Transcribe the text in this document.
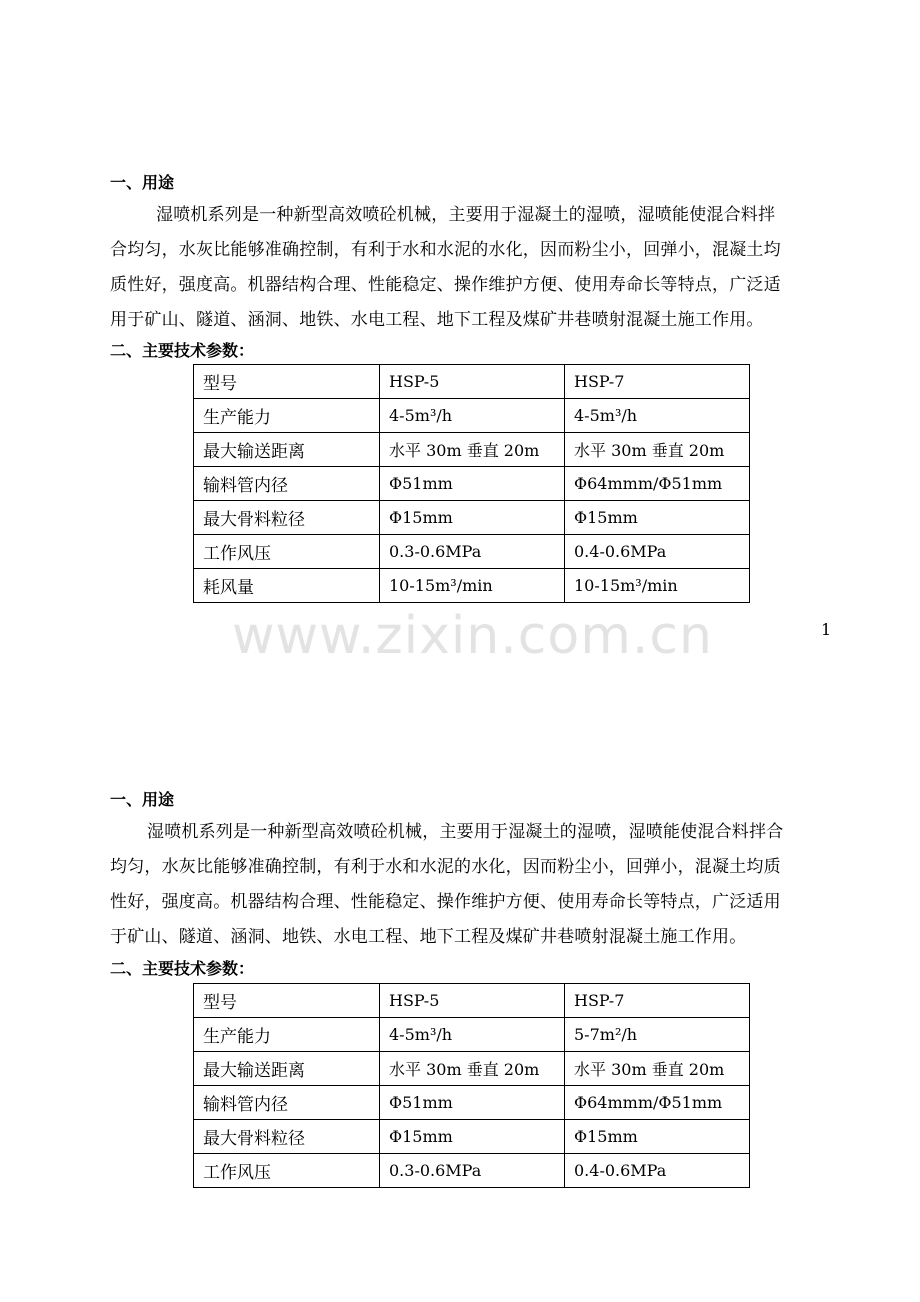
一、用途
湿喷机系列是一种新型高效喷砼机械，主要用于湿凝土的湿喷，湿喷能使混合料拌
合均匀，水灰比能够准确控制，有利于水和水泥的水化，因而粉尘小，回弹小，混凝土均
质性好，强度高。机器结构合理、性能稳定、操作维护方便、使用寿命长等特点，广泛适
用于矿山、隧道、涵洞、地铁、水电工程、地下工程及煤矿井巷喷射混凝土施工作用。
二、主要技术参数：
型号	HSP-5	HSP-7
生产能力	4-5m³/h	4-5m³/h
最大输送距离	水平 30m 垂直 20m	水平 30m 垂直 20m
输料管内径	Φ51mm	Φ64mmm/Φ51mm
最大骨料粒径	Φ15mm	Φ15mm
工作风压	0.3-0.6MPa	0.4-0.6MPa
耗风量	10-15m³/min	10-15m³/min
1
www.zixin.com.cn
一、用途
湿喷机系列是一种新型高效喷砼机械，主要用于湿凝土的湿喷，湿喷能使混合料拌合
均匀，水灰比能够准确控制，有利于水和水泥的水化，因而粉尘小，回弹小，混凝土均质
性好，强度高。机器结构合理、性能稳定、操作维护方便、使用寿命长等特点，广泛适用
于矿山、隧道、涵洞、地铁、水电工程、地下工程及煤矿井巷喷射混凝土施工作用。
二、主要技术参数：
型号	HSP-5	HSP-7
生产能力	4-5m³/h	5-7m²/h
最大输送距离	水平 30m 垂直 20m	水平 30m 垂直 20m
输料管内径	Φ51mm	Φ64mmm/Φ51mm
最大骨料粒径	Φ15mm	Φ15mm
工作风压	0.3-0.6MPa	0.4-0.6MPa
